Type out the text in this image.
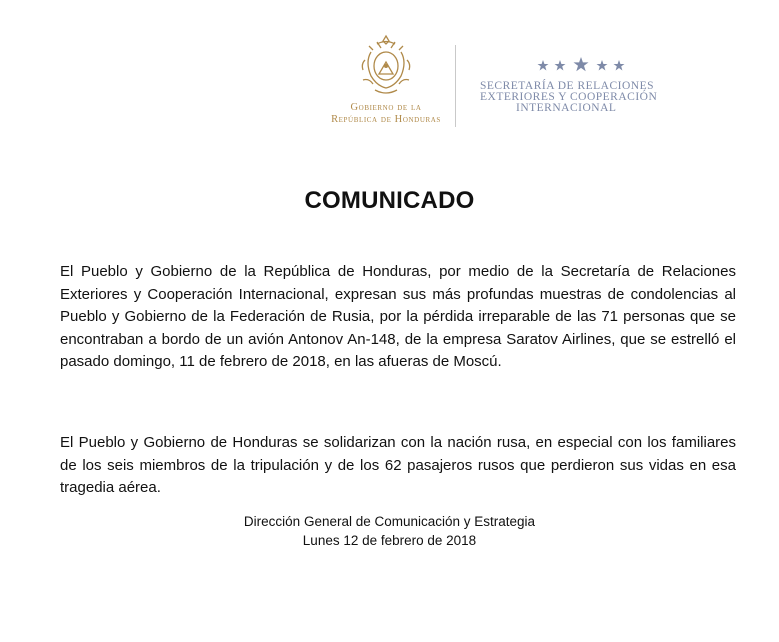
Gobierno de la
República de Honduras
SECRETARÍA DE RELACIONES
EXTERIORES Y COOPERACIÓN
INTERNACIONAL
COMUNICADO
El Pueblo y Gobierno de la República de Honduras, por medio de la Secretaría de Relaciones Exteriores y Cooperación Internacional, expresan sus más profundas muestras de condolencias al Pueblo y Gobierno de la Federación de Rusia, por la pérdida irreparable de las 71 personas que se encontraban a bordo de un avión Antonov An-148, de la empresa Saratov Airlines, que se estrelló el pasado domingo, 11 de febrero de 2018, en las afueras de Moscú.
El Pueblo y Gobierno de Honduras se solidarizan con la nación rusa, en especial con los familiares de los seis miembros de la tripulación y de los 62 pasajeros rusos que perdieron sus vidas en esa tragedia aérea.
Dirección General de Comunicación y Estrategia
Lunes 12 de febrero de 2018
